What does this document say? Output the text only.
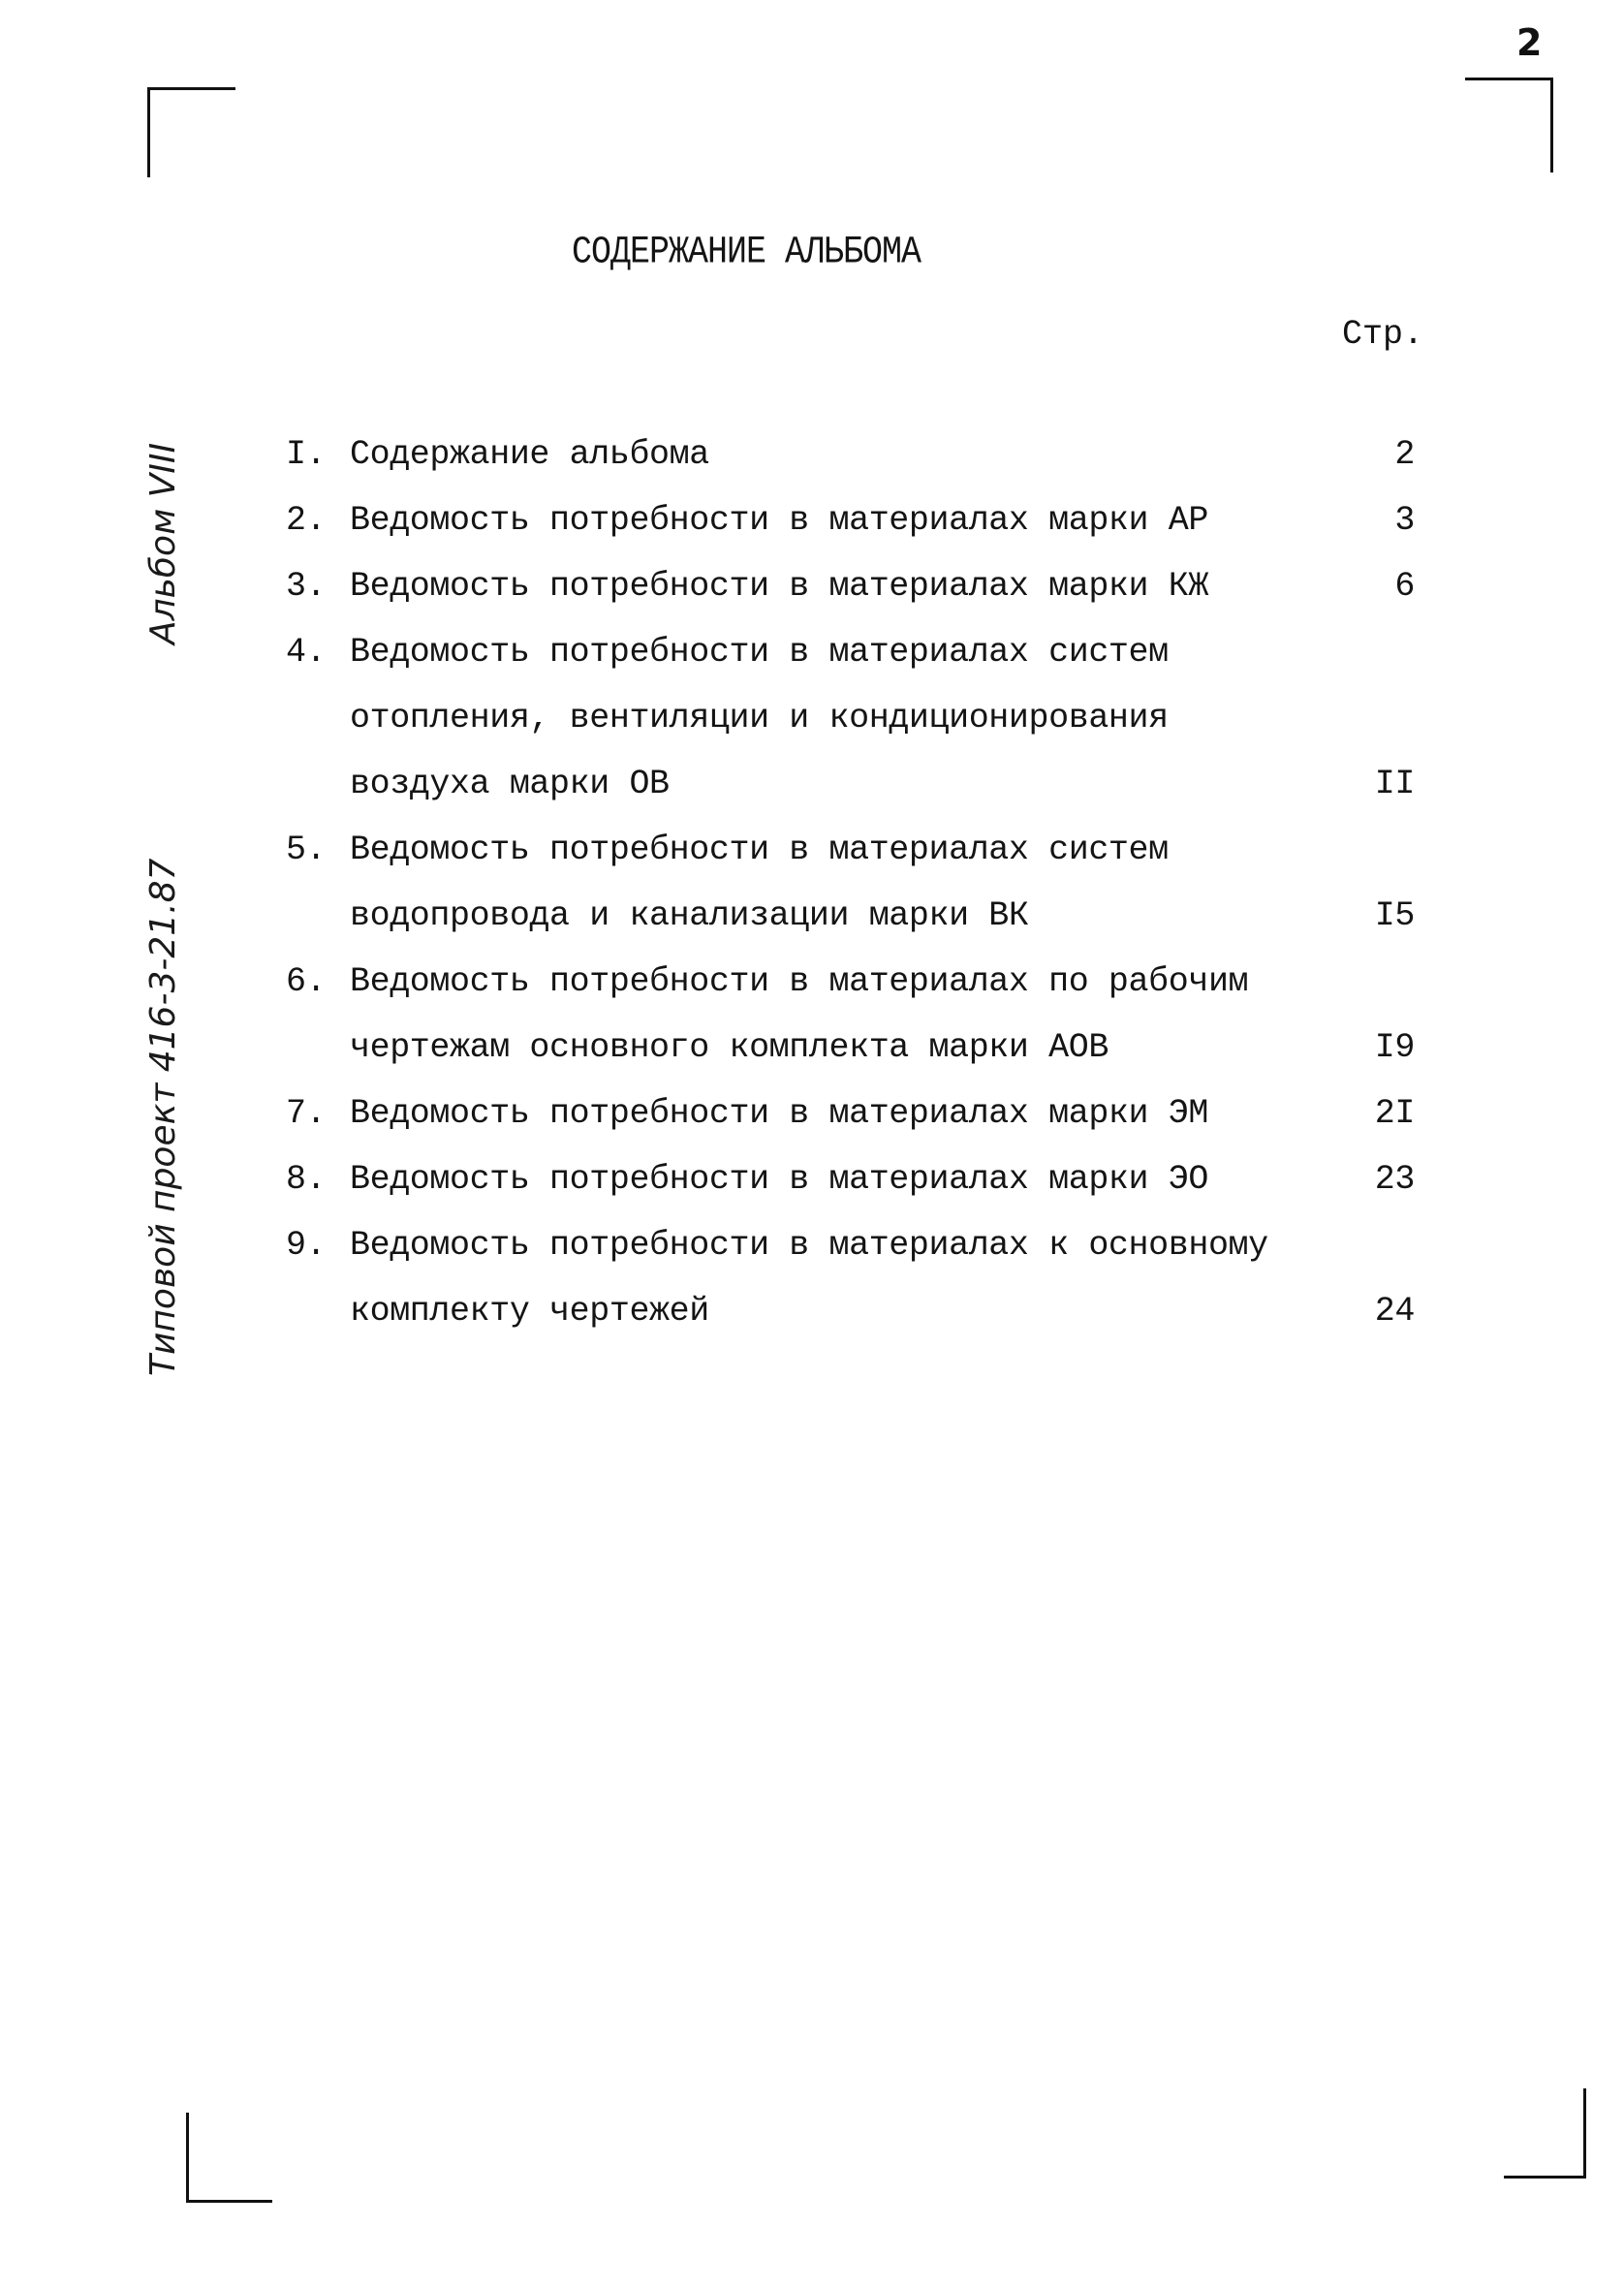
2
Альбом VIII
Типовой проект 416-3-21.87
СОДЕРЖАНИЕ АЛЬБОМА
Стр.
I. Содержание альбома	2
2. Ведомость потребности в материалах марки АР	3
3. Ведомость потребности в материалах марки КЖ	6
4. Ведомость потребности в материалах систем
отопления, вентиляции и кондиционирования
воздуха марки ОВ	II
5. Ведомость потребности в материалах систем
водопровода и канализации марки ВК	I5
6. Ведомость потребности в материалах по рабочим
чертежам основного комплекта марки АОВ	I9
7. Ведомость потребности в материалах марки ЭМ	2I
8. Ведомость потребности в материалах марки ЭО	23
9. Ведомость потребности в материалах к основному
комплекту чертежей	24
